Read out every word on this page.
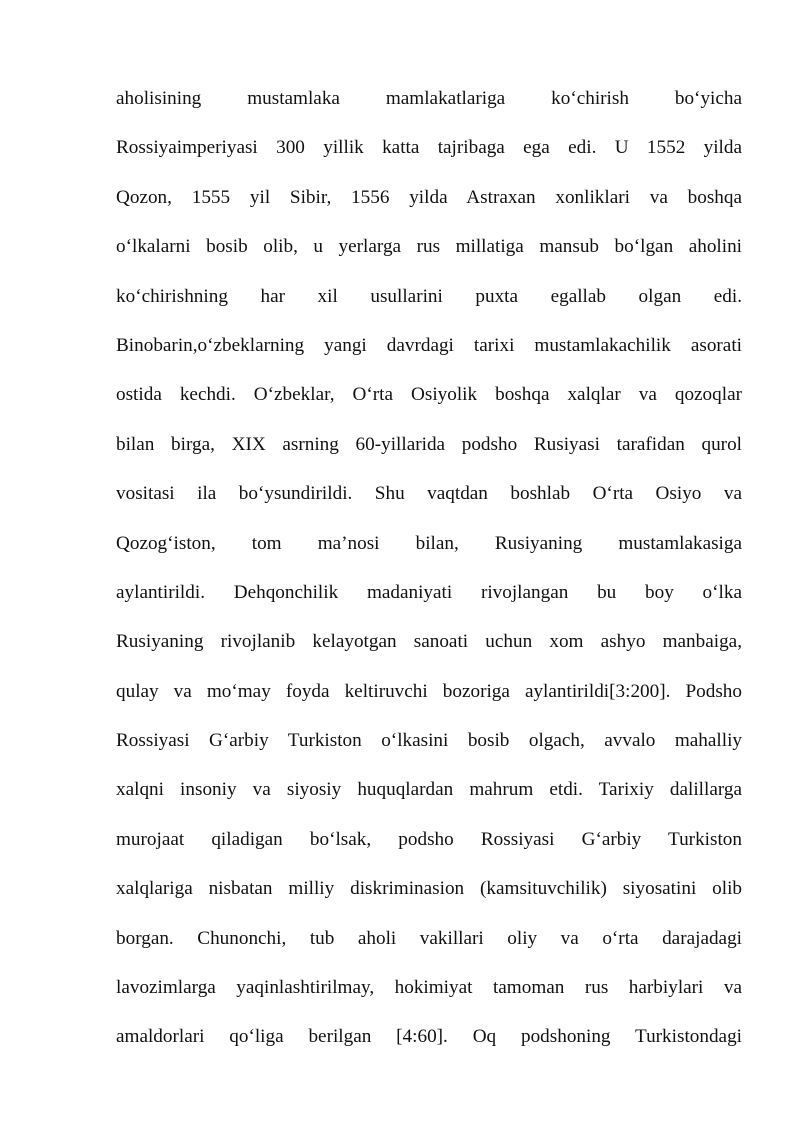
aholisining mustamlaka mamlakatlariga ko‘chirish bo‘yicha
Rossiyaimperiyasi 300 yillik katta tajribaga ega edi. U 1552 yilda
Qozon, 1555 yil Sibir, 1556 yilda Astraxan xonliklari va boshqa
o‘lkalarni bosib olib, u yerlarga rus millatiga mansub bo‘lgan aholini
ko‘chirishning har xil usullarini puxta egallab olgan edi.
Binobarin,o‘zbeklarning yangi davrdagi tarixi mustamlakachilik asorati
ostida kechdi. O‘zbeklar, O‘rta Osiyolik boshqa xalqlar va qozoqlar
bilan birga, XIX asrning 60-yillarida podsho Rusiyasi tarafidan qurol
vositasi ila bo‘ysundirildi. Shu vaqtdan boshlab O‘rta Osiyo va
Qozog‘iston, tom ma’nosi bilan, Rusiyaning mustamlakasiga
aylantirildi. Dehqonchilik madaniyati rivojlangan bu boy o‘lka
Rusiyaning rivojlanib kelayotgan sanoati uchun xom ashyo manbaiga,
qulay va mo‘may foyda keltiruvchi bozoriga aylantirildi[3:200]. Podsho
Rossiyasi G‘arbiy Turkiston o‘lkasini bosib olgach, avvalo mahalliy
xalqni insoniy va siyosiy huquqlardan mahrum etdi. Tarixiy dalillarga
murojaat qiladigan bo‘lsak, podsho Rossiyasi G‘arbiy Turkiston
xalqlariga nisbatan milliy diskriminasion (kamsituvchilik) siyosatini olib
borgan. Chunonchi, tub aholi vakillari oliy va o‘rta darajadagi
lavozimlarga yaqinlashtirilmay, hokimiyat tamoman rus harbiylari va
amaldorlari qo‘liga berilgan [4:60]. Oq podshoning Turkistondagi
